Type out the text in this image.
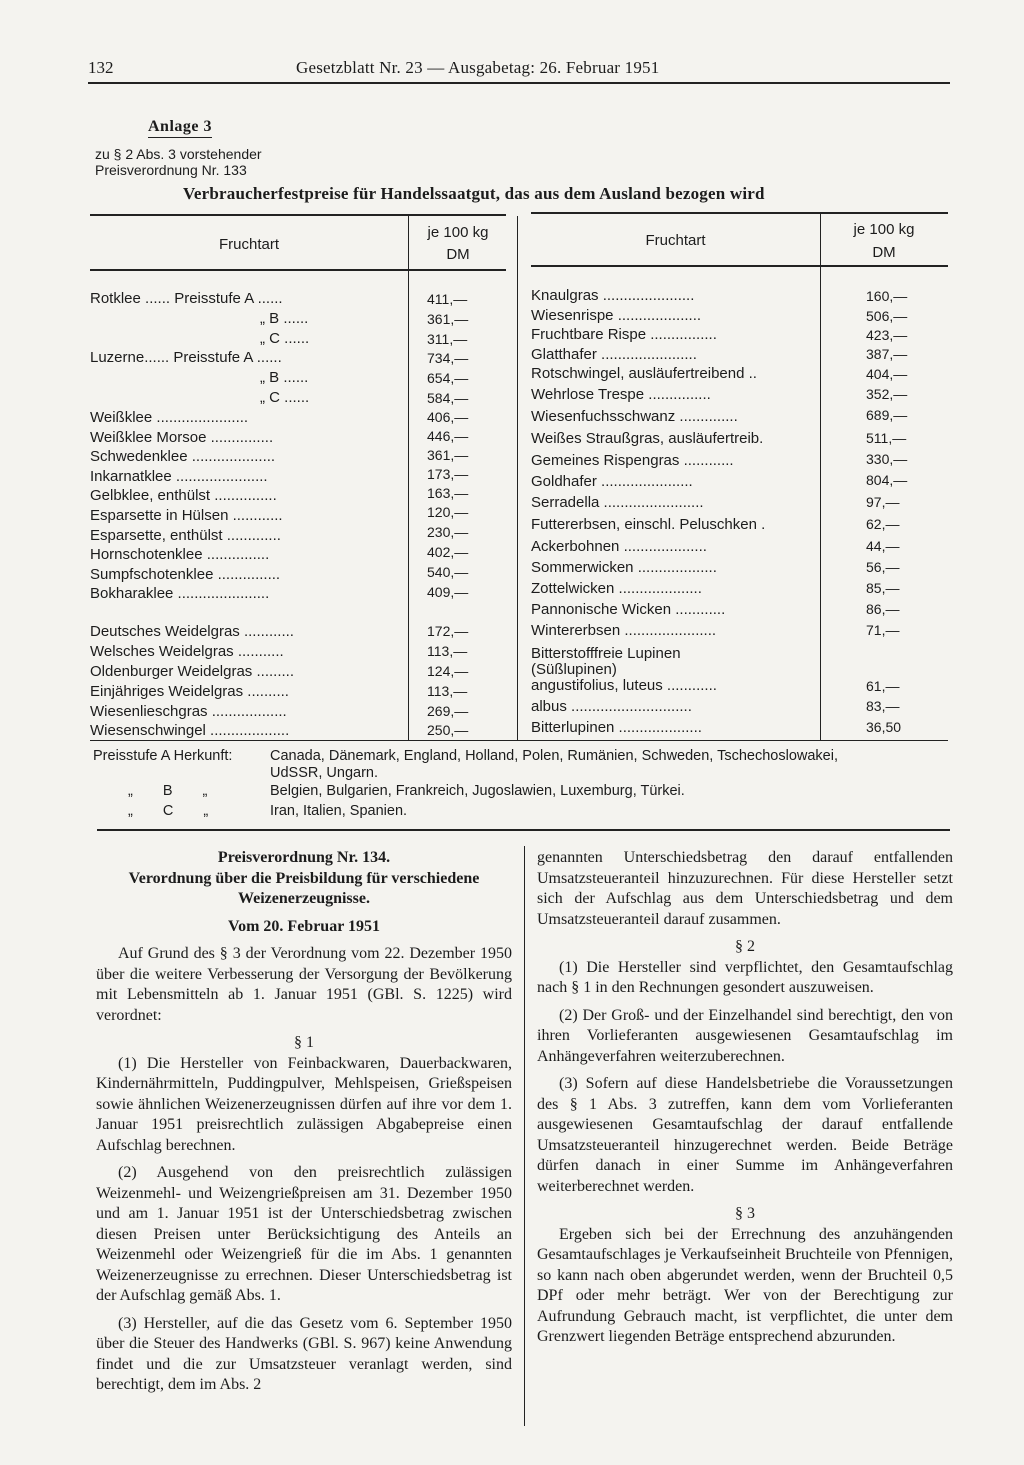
132	Gesetzblatt Nr. 23 — Ausgabetag: 26. Februar 1951
Anlage 3
zu § 2 Abs. 3 vorstehender
Preisverordnung Nr. 133
Verbraucherfestpreise für Handelssaatgut, das aus dem Ausland bezogen wird
Fruchtart
je 100 kg
DM
Fruchtart
je 100 kg
DM
Rotklee ...... Preisstufe A ......	411,—
„ B ......	361,—
„ C ......	311,—
Luzerne...... Preisstufe A ......	734,—
„ B ......	654,—
„ C ......	584,—
Weißklee ......................	406,—
Weißklee Morsoe ...............	446,—
Schwedenklee ....................	361,—
Inkarnatklee ......................	173,—
Gelbklee, enthülst ...............	163,—
Esparsette in Hülsen ............	120,—
Esparsette, enthülst .............	230,—
Hornschotenklee ...............	402,—
Sumpfschotenklee ...............	540,—
Bokharaklee ......................	409,—
Deutsches Weidelgras ............	172,—
Welsches Weidelgras ...........	113,—
Oldenburger Weidelgras .........	124,—
Einjähriges Weidelgras ..........	113,—
Wiesenlieschgras ..................	269,—
Wiesenschwingel ...................	250,—
Knaulgras ......................	160,—
Wiesenrispe ....................	506,—
Fruchtbare Rispe ................	423,—
Glatthafer .......................	387,—
Rotschwingel, ausläufertreibend ..	404,—
Wehrlose Trespe ...............	352,—
Wiesenfuchsschwanz ..............	689,—
Weißes Straußgras, ausläufertreib.	511,—
Gemeines Rispengras ............	330,—
Goldhafer ......................	804,—
Serradella ........................	97,—
Futtererbsen, einschl. Peluschken .	62,—
Ackerbohnen ....................	44,—
Sommerwicken ...................	56,—
Zottelwicken ....................	85,—
Pannonische Wicken ............	86,—
Wintererbsen ......................	71,—
Bitterstofffreie Lupinen
(Süßlupinen)
angustifolius, luteus ............	61,—
albus .............................	83,—
Bitterlupinen ....................	36,50
Preisstufe A Herkunft:	Canada, Dänemark, England, Holland, Polen, Rumänien, Schweden, Tschechoslowakei,
UdSSR, Ungarn.
„ B „	Belgien, Bulgarien, Frankreich, Jugoslawien, Luxemburg, Türkei.
„ C „	Iran, Italien, Spanien.

Preisverordnung Nr. 134.

Verordnung über die Preisbildung für verschiedene

Weizenerzeugnisse.

Vom 20. Februar 1951

Auf Grund des § 3 der Verordnung vom 22. Dezember 1950 über die weitere Verbesserung der Versorgung der Bevölkerung mit Lebensmitteln ab 1. Januar 1951 (GBl. S. 1225) wird verordnet:

§ 1

(1) Die Hersteller von Feinbackwaren, Dauerbackwaren, Kindernährmitteln, Puddingpulver, Mehlspeisen, Grießspeisen sowie ähnlichen Weizenerzeugnissen dürfen auf ihre vor dem 1. Januar 1951 preisrechtlich zulässigen Abgabepreise einen Aufschlag berechnen.

(2) Ausgehend von den preisrechtlich zulässigen Weizenmehl- und Weizengrießpreisen am 31. Dezember 1950 und am 1. Januar 1951 ist der Unterschiedsbetrag zwischen diesen Preisen unter Berücksichtigung des Anteils an Weizenmehl oder Weizengrieß für die im Abs. 1 genannten Weizenerzeugnisse zu errechnen. Dieser Unterschiedsbetrag ist der Aufschlag gemäß Abs. 1.

(3) Hersteller, auf die das Gesetz vom 6. September 1950 über die Steuer des Handwerks (GBl. S. 967) keine Anwendung findet und die zur Umsatzsteuer veranlagt werden, sind berechtigt, dem im Abs. 2

genannten Unterschiedsbetrag den darauf entfallenden Umsatzsteueranteil hinzuzurechnen. Für diese Hersteller setzt sich der Aufschlag aus dem Unterschiedsbetrag und dem Umsatzsteueranteil darauf zusammen.

§ 2

(1) Die Hersteller sind verpflichtet, den Gesamtaufschlag nach § 1 in den Rechnungen gesondert auszuweisen.

(2) Der Groß- und der Einzelhandel sind berechtigt, den von ihren Vorlieferanten ausgewiesenen Gesamtaufschlag im Anhängeverfahren weiterzuberechnen.

(3) Sofern auf diese Handelsbetriebe die Voraussetzungen des § 1 Abs. 3 zutreffen, kann dem vom Vorlieferanten ausgewiesenen Gesamtaufschlag der darauf entfallende Umsatzsteueranteil hinzugerechnet werden. Beide Beträge dürfen danach in einer Summe im Anhängeverfahren weiterberechnet werden.

§ 3

Ergeben sich bei der Errechnung des anzuhängenden Gesamtaufschlages je Verkaufseinheit Bruchteile von Pfennigen, so kann nach oben abgerundet werden, wenn der Bruchteil 0,5 DPf oder mehr beträgt. Wer von der Berechtigung zur Aufrundung Gebrauch macht, ist verpflichtet, die unter dem Grenzwert liegenden Beträge entsprechend abzurunden.
